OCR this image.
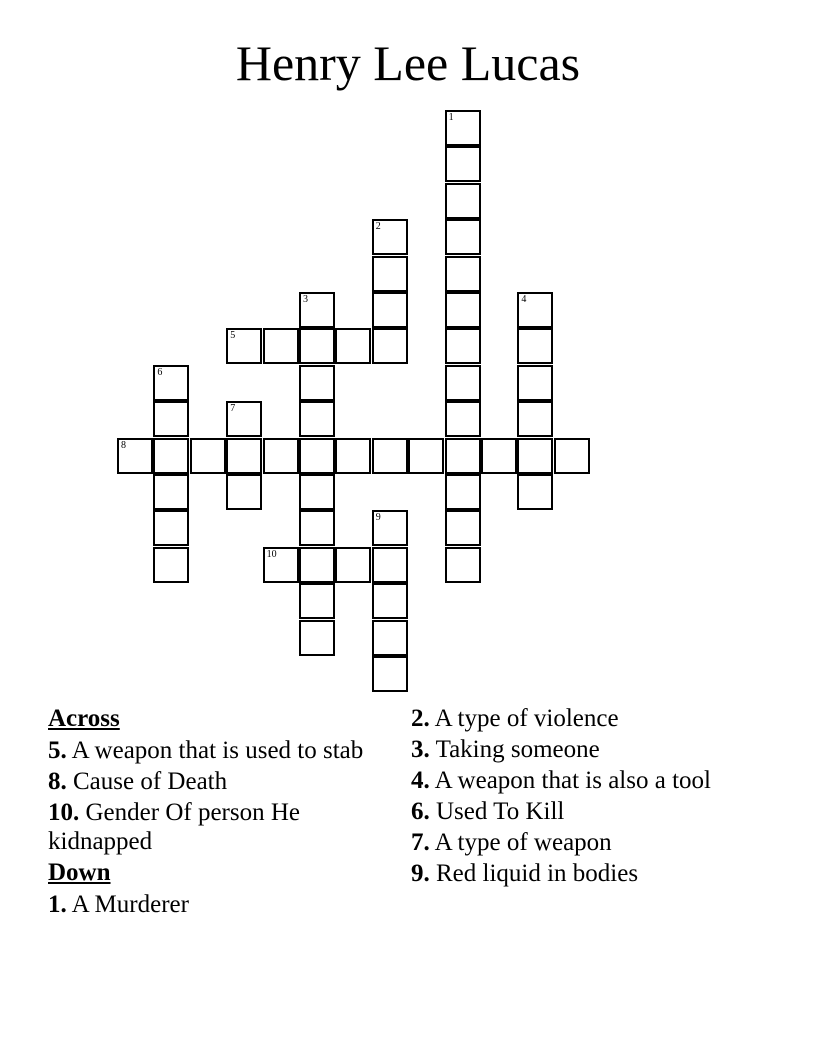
Henry Lee Lucas
1
2
3	4
5
6
7
8
9
10
Across
5. A weapon that is used to stab
8. Cause of Death
10. Gender Of person He kidnapped
Down
1. A Murderer
2. A type of violence
3. Taking someone
4. A weapon that is also a tool
6. Used To Kill
7. A type of weapon
9. Red liquid in bodies
